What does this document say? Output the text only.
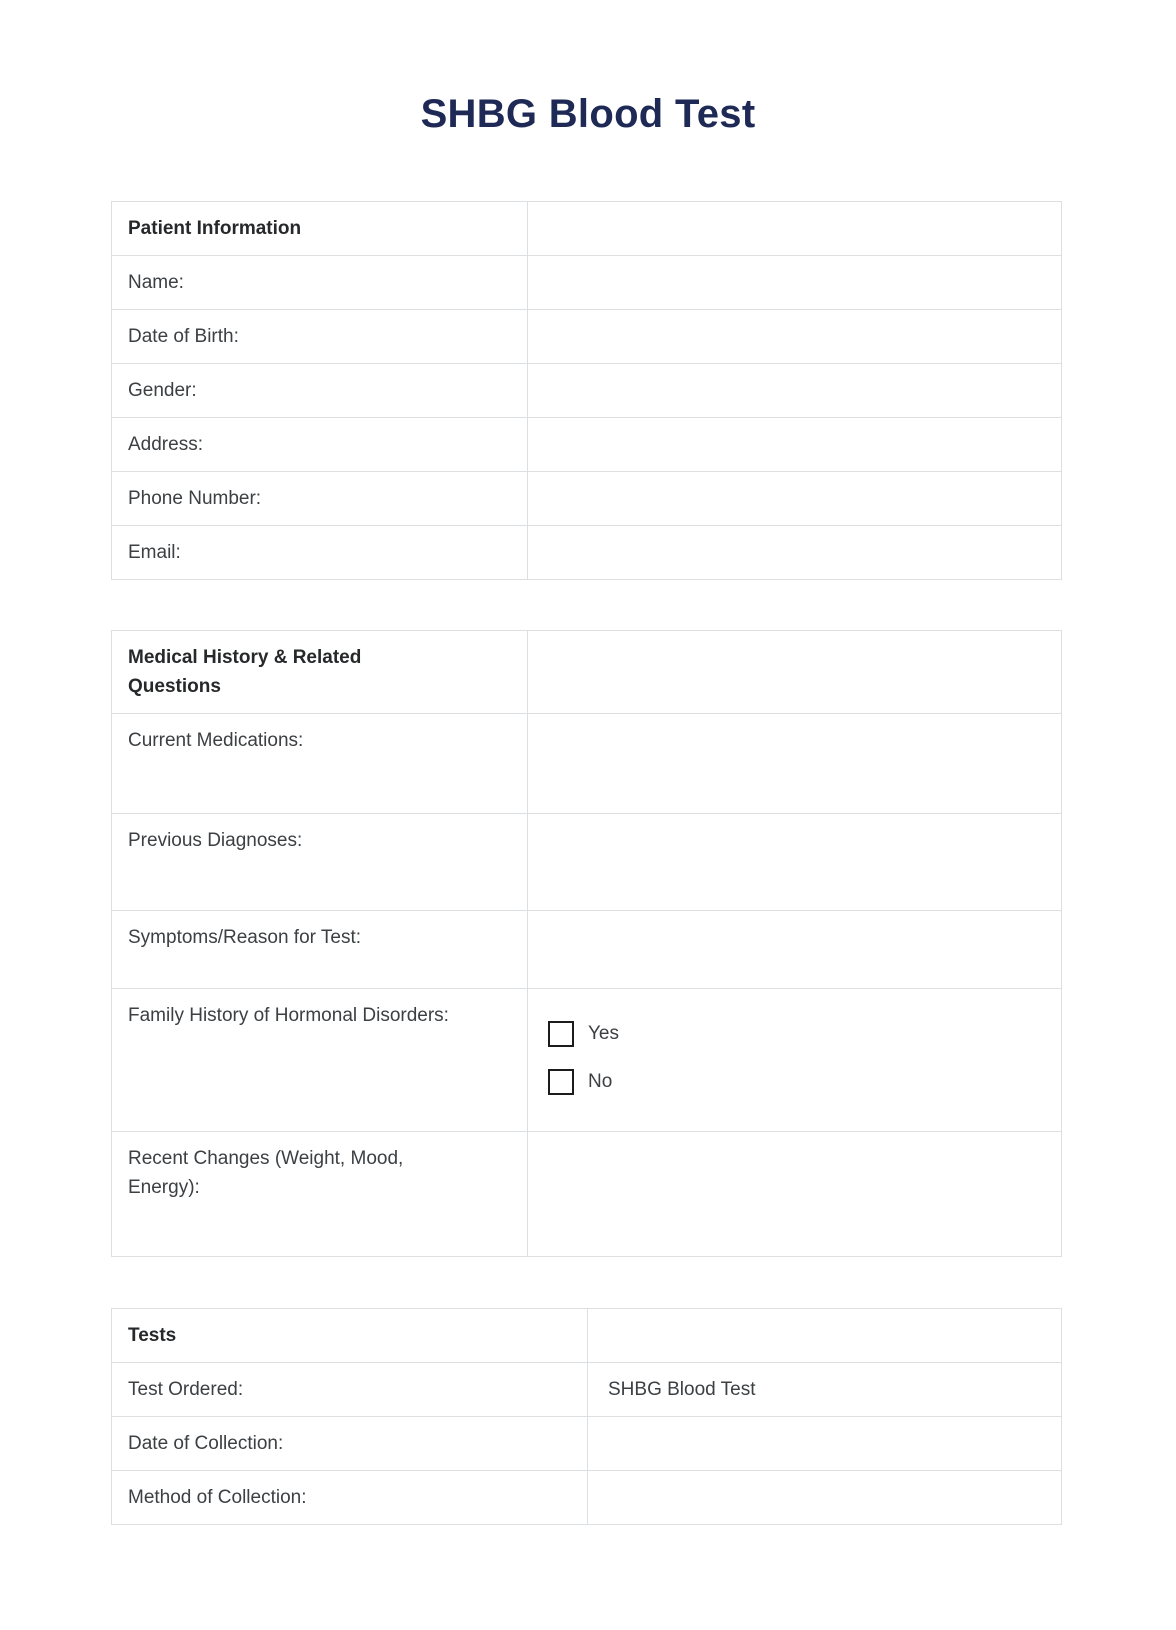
SHBG Blood Test
Patient Information
Name:
Date of Birth:
Gender:
Address:
Phone Number:
Email:
Medical History & Related Questions
Current Medications:
Previous Diagnoses:
Symptoms/Reason for Test:
Family History of Hormonal Disorders:
Yes
No
Recent Changes (Weight, Mood, Energy):
Tests
Test Ordered:	SHBG Blood Test
Date of Collection:
Method of Collection:
